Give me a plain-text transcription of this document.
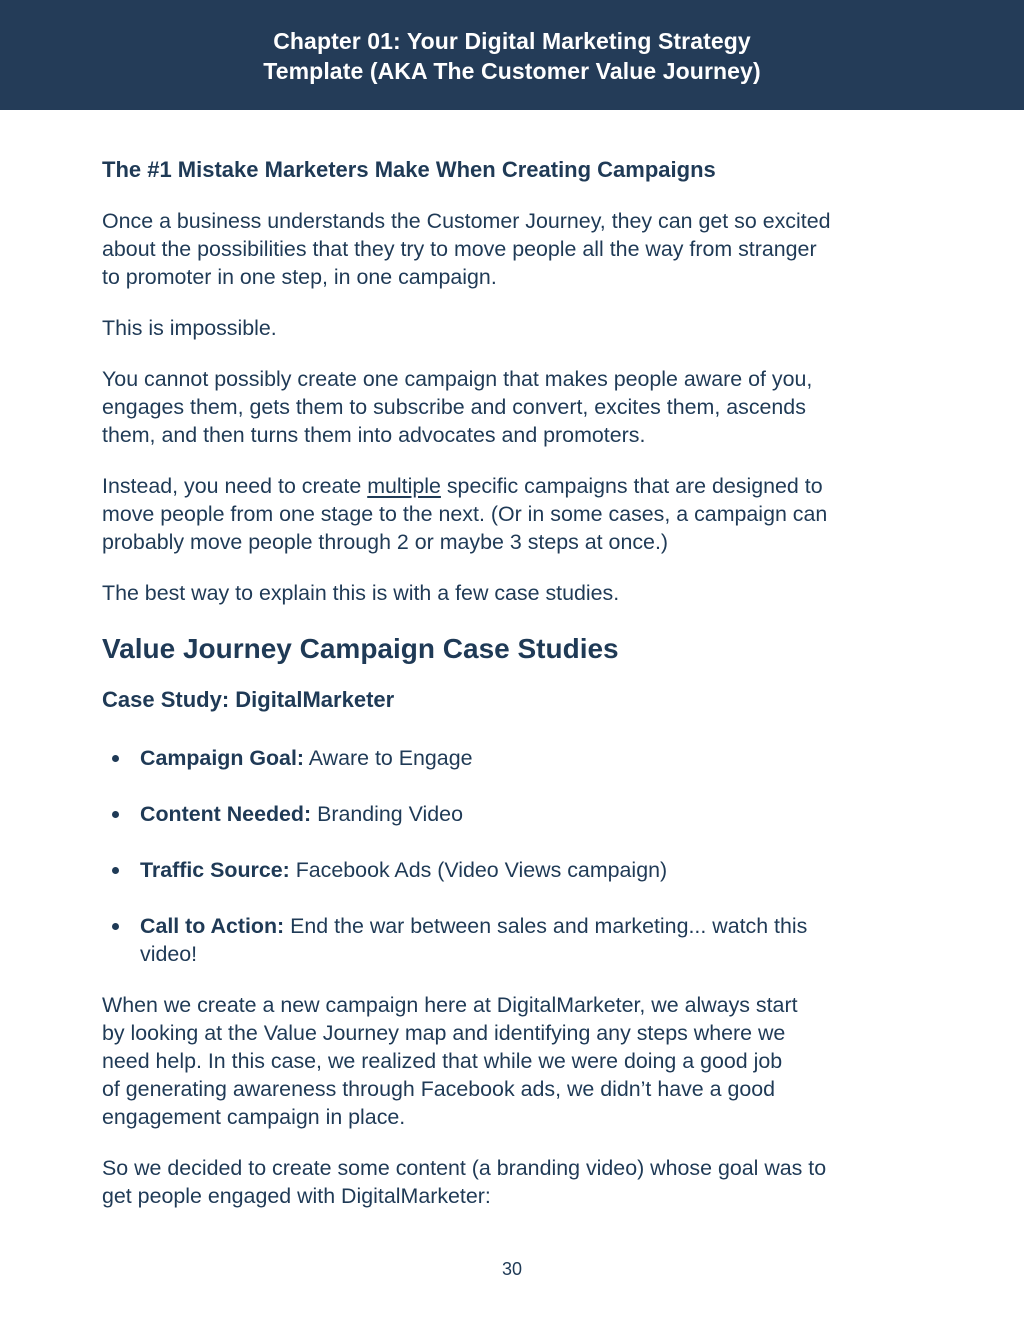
Chapter 01: Your Digital Marketing Strategy
Template (AKA The Customer Value Journey)
The #1 Mistake Marketers Make When Creating Campaigns
Once a business understands the Customer Journey, they can get so excited
about the possibilities that they try to move people all the way from stranger
to promoter in one step, in one campaign.
This is impossible.
You cannot possibly create one campaign that makes people aware of you,
engages them, gets them to subscribe and convert, excites them, ascends
them, and then turns them into advocates and promoters.
Instead, you need to create multiple specific campaigns that are designed to
move people from one stage to the next. (Or in some cases, a campaign can
probably move people through 2 or maybe 3 steps at once.)
The best way to explain this is with a few case studies.
Value Journey Campaign Case Studies
Case Study: DigitalMarketer
Campaign Goal: Aware to Engage
Content Needed: Branding Video
Traffic Source: Facebook Ads (Video Views campaign)
Call to Action: End the war between sales and marketing... watch this
video!
When we create a new campaign here at DigitalMarketer, we always start
by looking at the Value Journey map and identifying any steps where we
need help. In this case, we realized that while we were doing a good job
of generating awareness through Facebook ads, we didn’t have a good
engagement campaign in place.
So we decided to create some content (a branding video) whose goal was to
get people engaged with DigitalMarketer:
30
